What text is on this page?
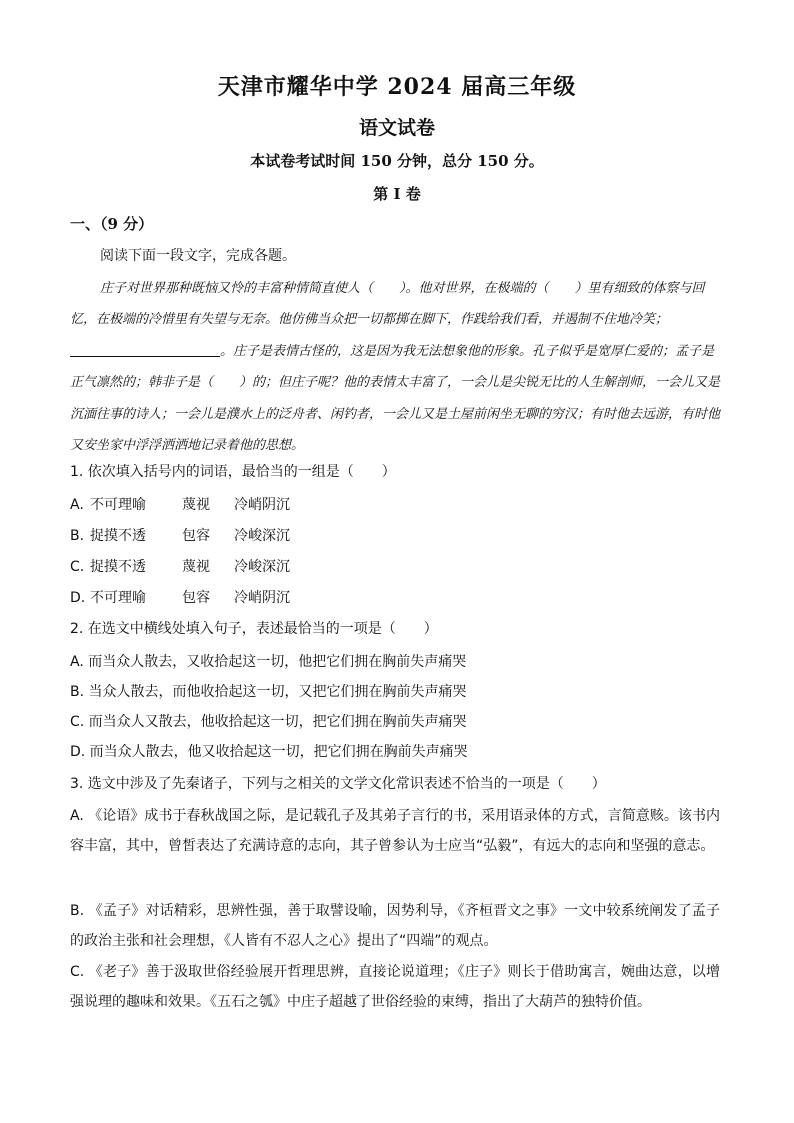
天津市耀华中学 2024 届高三年级
语文试卷
本试卷考试时间 150 分钟，总分 150 分。
第 I 卷
一、（9 分）
阅读下面一段文字，完成各题。

庄子对世界那种既恼又怜的丰富种情简直使人（　　）。他对世界，在极端的（　　）里有细致的体察与回忆，在极端的冷惜里有失望与无奈。他仿佛当众把一切都掷在脚下，作践给我们看，并遏制不住地冷笑；。庄子是表情古怪的，这是因为我无法想象他的形象。孔子似乎是宽厚仁爱的；孟子是正气凛然的；韩非子是（　　）的；但庄子呢？他的表情太丰富了，一会儿是尖锐无比的人生解剖师，一会儿又是沉湎往事的诗人；一会儿是濮水上的泛舟者、闲钓者，一会儿又是土屋前闲坐无聊的穷汉；有时他去远游，有时他又安坐家中浮浮洒洒地记录着他的思想。

1. 依次填入括号内的词语，最恰当的一组是（　　）
A. 不可理喻	蔑视 冷峭阴沉
B. 捉摸不透	包容 冷峻深沉
C. 捉摸不透	蔑视 冷峻深沉
D. 不可理喻	包容 冷峭阴沉
2. 在选文中横线处填入句子，表述最恰当的一项是（　　）
A. 而当众人散去，又收拾起这一切，他把它们拥在胸前失声痛哭
B. 当众人散去，而他收拾起这一切，又把它们拥在胸前失声痛哭
C. 而当众人又散去，他收拾起这一切，把它们拥在胸前失声痛哭
D. 而当众人散去，他又收拾起这一切，把它们拥在胸前失声痛哭
3. 选文中涉及了先秦诸子，下列与之相关的文学文化常识表述不恰当的一项是（　　）
A. 《论语》成书于春秋战国之际，是记载孔子及其弟子言行的书，采用语录体的方式，言简意赅。该书内容丰富，其中，曾皙表达了充满诗意的志向，其子曾参认为士应当“弘毅”，有远大的志向和坚强的意志。
B. 《孟子》对话精彩，思辨性强，善于取譬设喻，因势利导，《齐桓晋文之事》一文中较系统阐发了孟子的政治主张和社会理想，《人皆有不忍人之心》提出了“四端”的观点。
C. 《老子》善于汲取世俗经验展开哲理思辨，直接论说道理；《庄子》则长于借助寓言，婉曲达意，以增强说理的趣味和效果。《五石之瓠》中庄子超越了世俗经验的束缚，指出了大葫芦的独特价值。
